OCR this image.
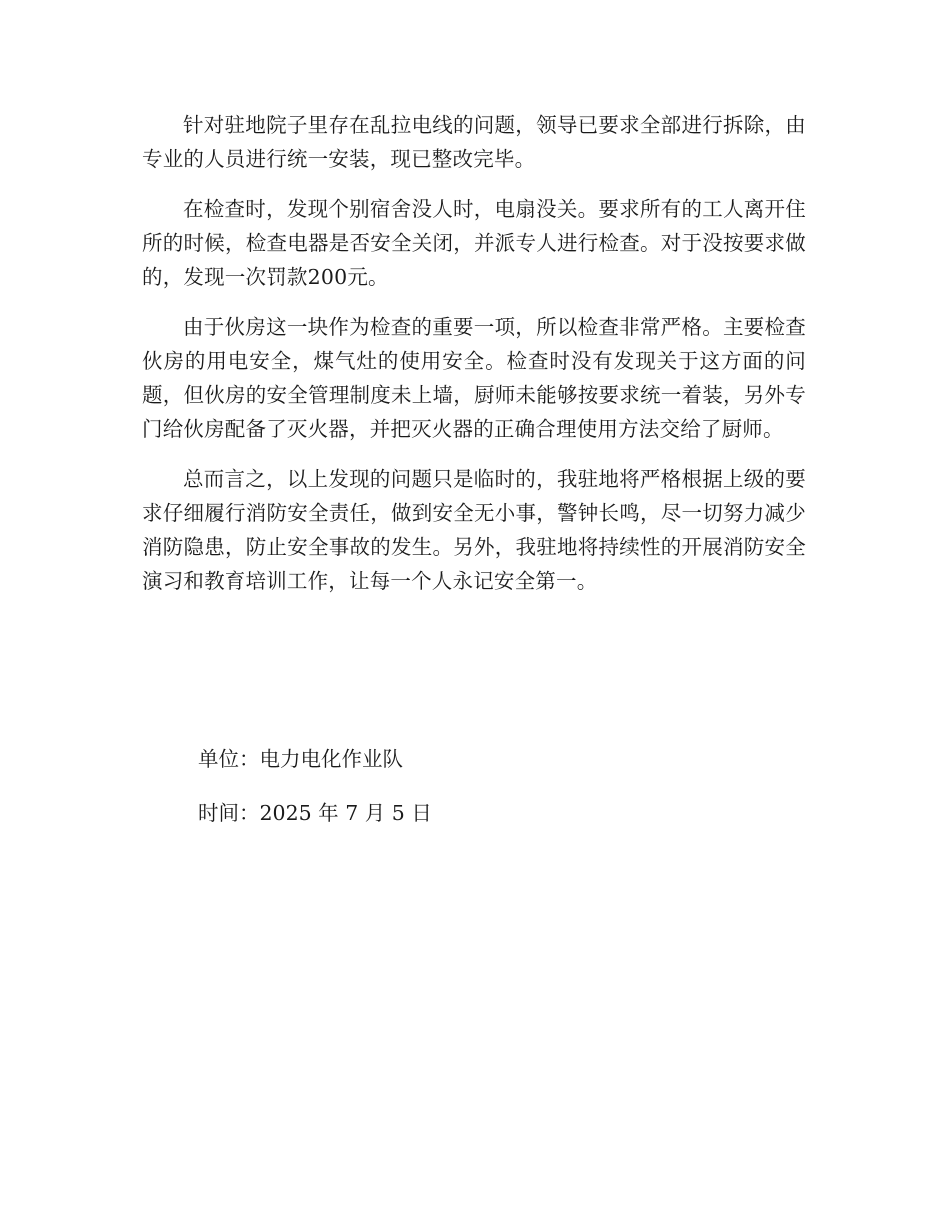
针对驻地院子里存在乱拉电线的问题，领导已要求全部进行拆除，由专业的人员进行统一安装，现已整改完毕。

在检查时，发现个别宿舍没人时，电扇没关。要求所有的工人离开住所的时候，检查电器是否安全关闭，并派专人进行检查。对于没按要求做的，发现一次罚款200元。

由于伙房这一块作为检查的重要一项，所以检查非常严格。主要检查伙房的用电安全，煤气灶的使用安全。检查时没有发现关于这方面的问题，但伙房的安全管理制度未上墙，厨师未能够按要求统一着装，另外专门给伙房配备了灭火器，并把灭火器的正确合理使用方法交给了厨师。

总而言之，以上发现的问题只是临时的，我驻地将严格根据上级的要求仔细履行消防安全责任，做到安全无小事，警钟长鸣，尽一切努力减少消防隐患，防止安全事故的发生。另外，我驻地将持续性的开展消防安全演习和教育培训工作，让每一个人永记安全第一。

单位：电力电化作业队
时间：2025 年 7 月 5 日
